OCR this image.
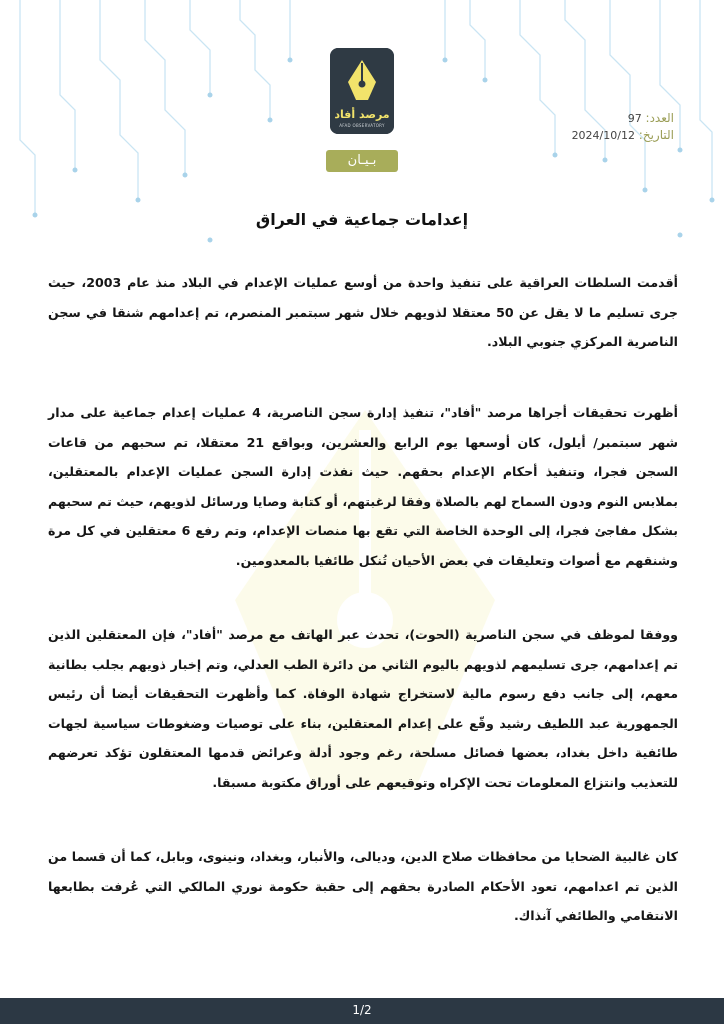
مرصد أفاد
AFAD OBSERVATORY
بـيـان
العدد: 97
التاريخ: 2024/10/12
إعدامات جماعية في العراق
أقدمت السلطات العراقية على تنفيذ واحدة من أوسع عمليات الإعدام في البلاد منذ عام 2003، حيث جرى تسليم ما لا يقل عن 50 معتقلا لذويهم خلال شهر سبتمبر المنصرم، تم إعدامهم شنقا في سجن الناصرية المركزي جنوبي البلاد.
أظهرت تحقيقات أجراها مرصد "أفاد"، تنفيذ إدارة سجن الناصرية، 4 عمليات إعدام جماعية على مدار شهر سبتمبر/ أيلول، كان أوسعها يوم الرابع والعشرين، وبواقع 21 معتقلا، تم سحبهم من قاعات السجن فجرا، وتنفيذ أحكام الإعدام بحقهم. حيث نفذت إدارة السجن عمليات الإعدام بالمعتقلين، بملابس النوم ودون السماح لهم بالصلاة وفقا لرغبتهم، أو كتابة وصايا ورسائل لذويهم، حيث تم سحبهم بشكل مفاجئ فجرا، إلى الوحدة الخاصة التي تقع بها منصات الإعدام، وتم رفع 6 معتقلين في كل مرة وشنقهم مع أصوات وتعليقات في بعض الأحيان تُنكل طائفيا بالمعدومين.
ووفقا لموظف في سجن الناصرية (الحوت)، تحدث عبر الهاتف مع مرصد "أفاد"، فإن المعتقلين الذين تم إعدامهم، جرى تسليمهم لذويهم باليوم الثاني من دائرة الطب العدلي، وتم إخبار ذويهم بجلب بطانية معهم، إلى جانب دفع رسوم مالية لاستخراج شهادة الوفاة. كما وأظهرت التحقيقات أيضا أن رئيس الجمهورية عبد اللطيف رشيد وقّع على إعدام المعتقلين، بناء على توصيات وضغوطات سياسية لجهات طائفية داخل بغداد، بعضها فصائل مسلحة، رغم وجود أدلة وعرائض قدمها المعتقلون تؤكد تعرضهم للتعذيب وانتزاع المعلومات تحت الإكراه وتوقيعهم على أوراق مكتوبة مسبقا.
كان غالبية الضحايا من محافظات صلاح الدين، وديالى، والأنبار، وبغداد، ونينوى، وبابل، كما أن قسما من الذين تم اعدامهم، تعود الأحكام الصادرة بحقهم إلى حقبة حكومة نوري المالكي التي عُرفت بطابعها الانتقامي والطائفي آنذاك.
1/2
